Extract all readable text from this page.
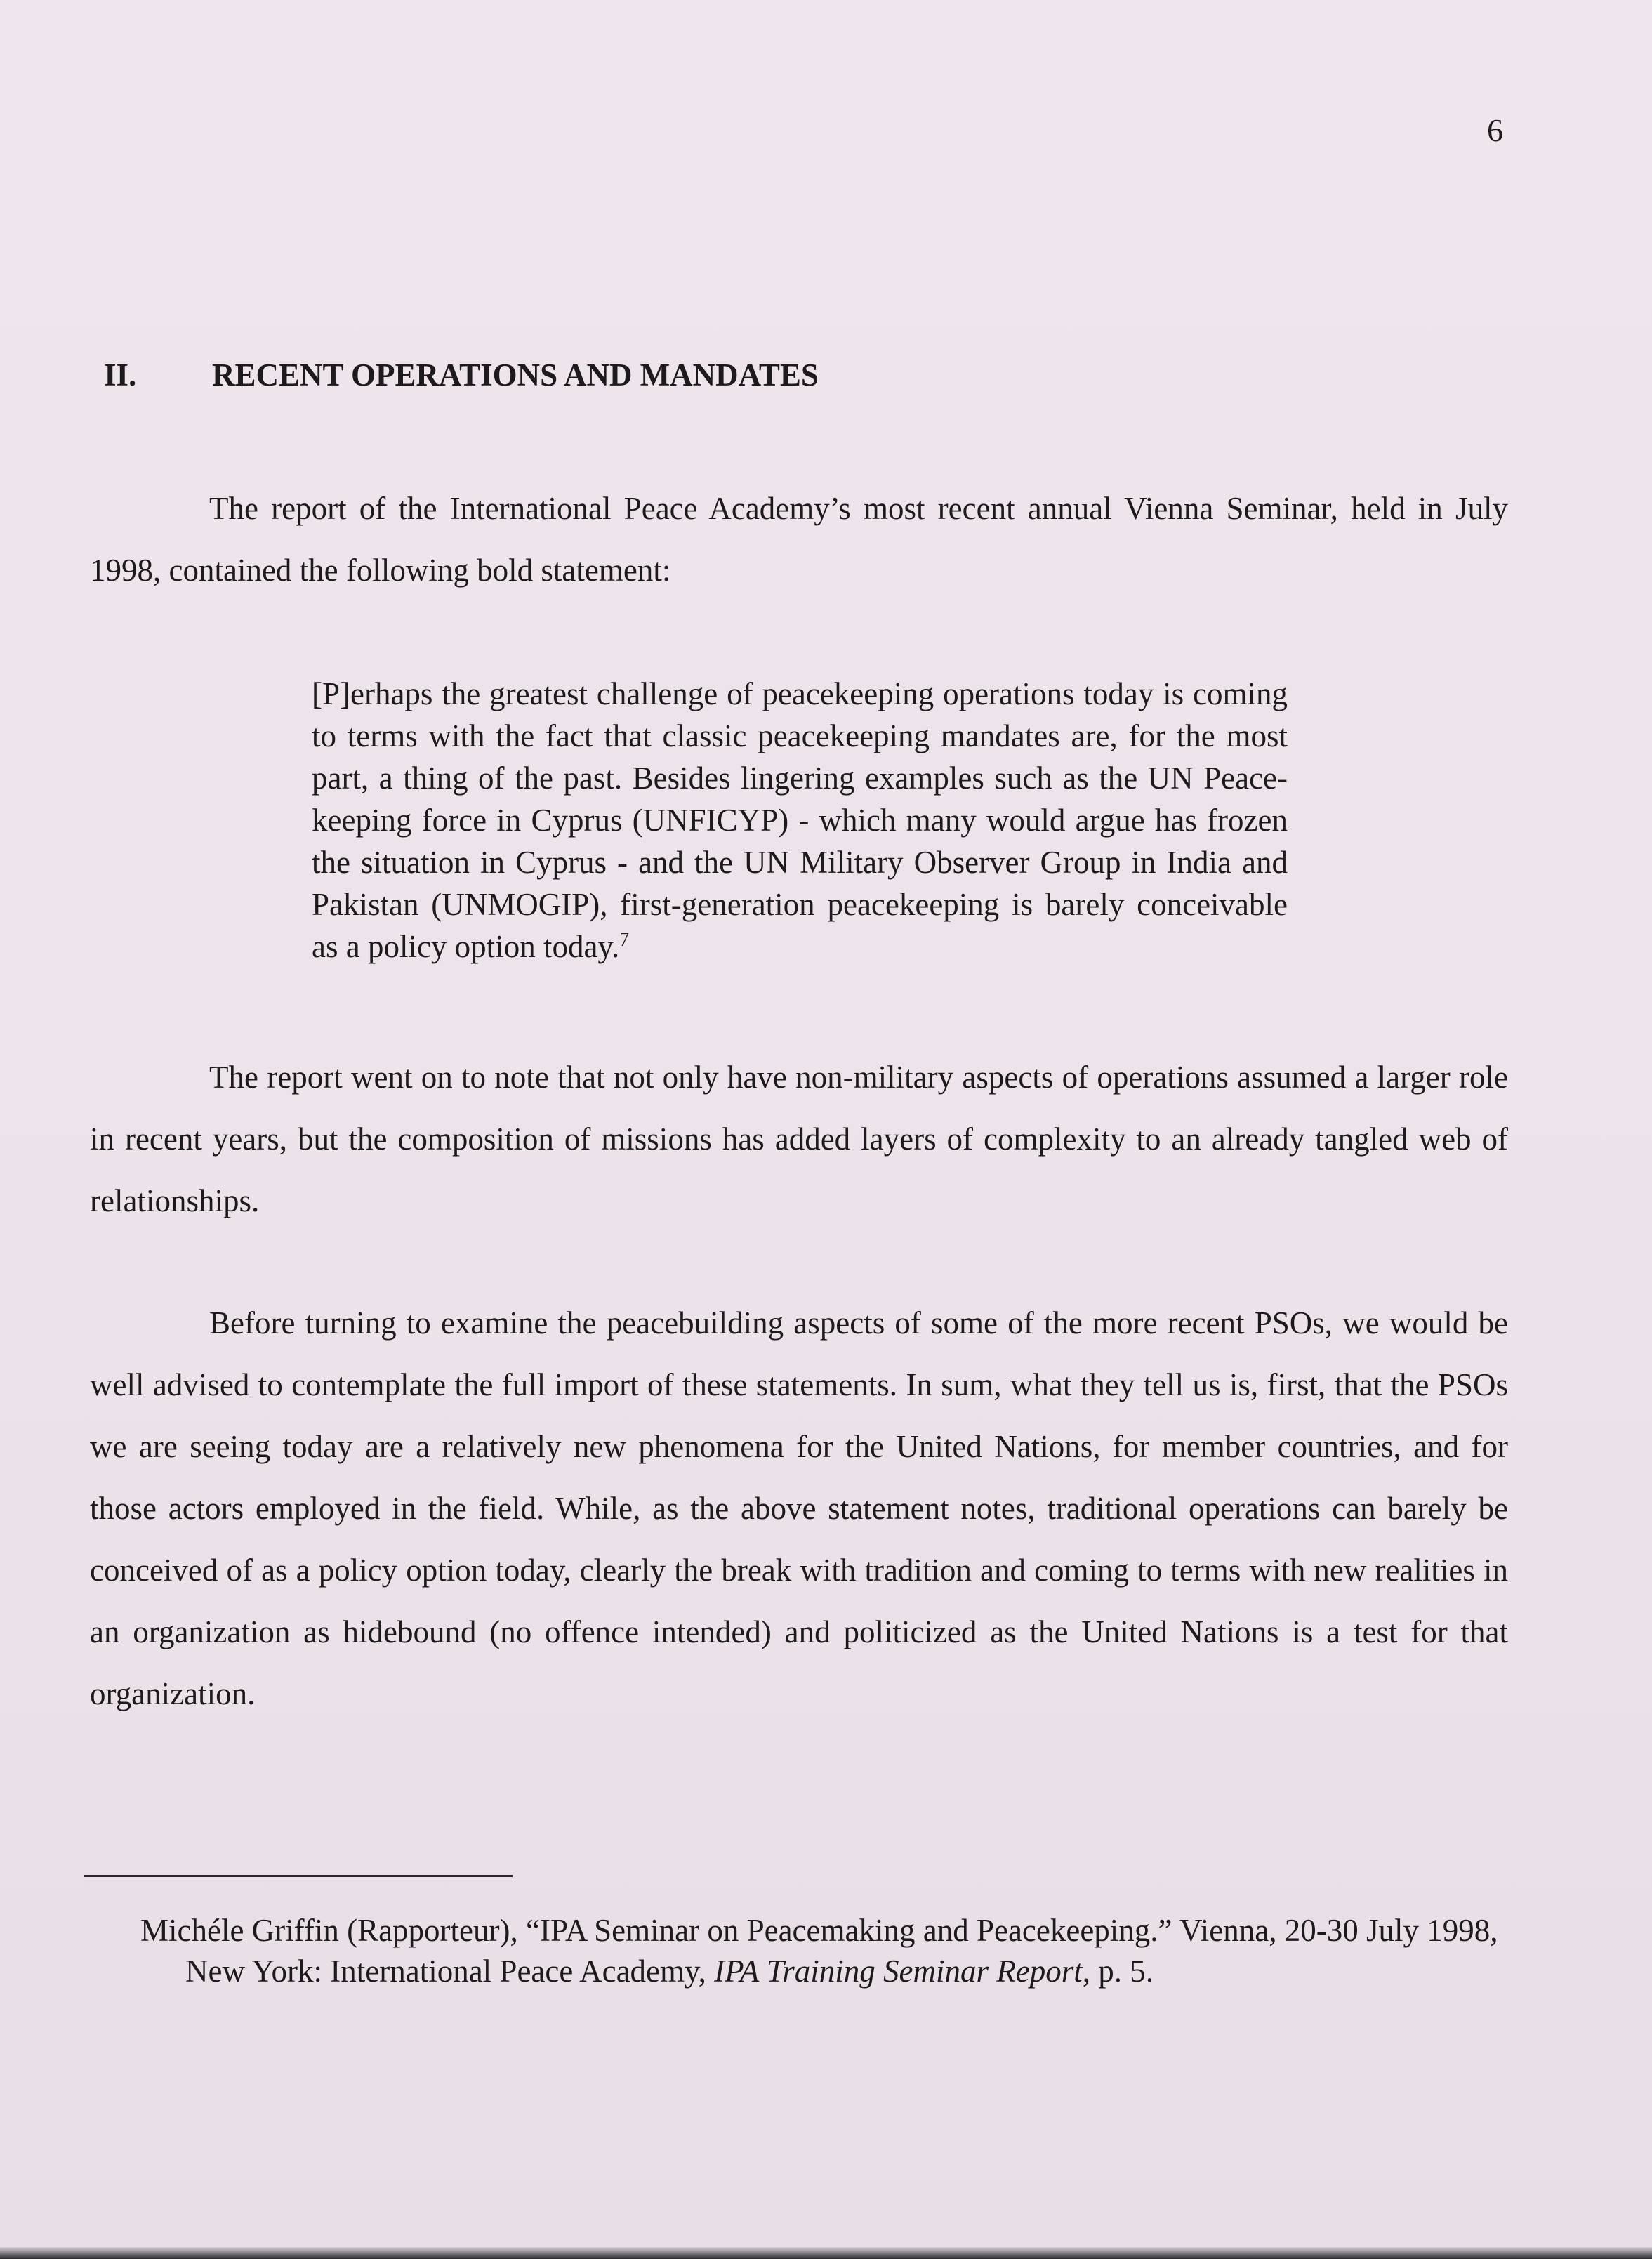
6
II. RECENT OPERATIONS AND MANDATES

The report of the International Peace Academy’s most recent annual Vienna Seminar, held in July 1998, contained the following bold statement:

[P]erhaps the greatest challenge of peacekeeping operations today is coming to terms with the fact that classic peacekeeping mandates are, for the most part, a thing of the past. Besides lingering examples such as the UN Peace-keeping force in Cyprus (UNFICYP) - which many would argue has frozen the situation in Cyprus - and the UN Military Observer Group in India and Pakistan (UNMOGIP), first-generation peacekeeping is barely conceivable as a policy option today.$^7$

The report went on to note that not only have non-military aspects of operations assumed a larger role in recent years, but the composition of missions has added layers of complexity to an already tangled web of relationships.

Before turning to examine the peacebuilding aspects of some of the more recent PSOs, we would be well advised to contemplate the full import of these statements. In sum, what they tell us is, first, that the PSOs we are seeing today are a relatively new phenomena for the United Nations, for member countries, and for those actors employed in the field. While, as the above statement notes, traditional operations can barely be conceived of as a policy option today, clearly the break with tradition and coming to terms with new realities in an organization as hidebound (no offence intended) and politicized as the United Nations is a test for that organization.

Michéle Griffin (Rapporteur), “IPA Seminar on Peacemaking and Peacekeeping.” Vienna, 20-30 July 1998, New York: International Peace Academy, IPA Training Seminar Report, p. 5.
